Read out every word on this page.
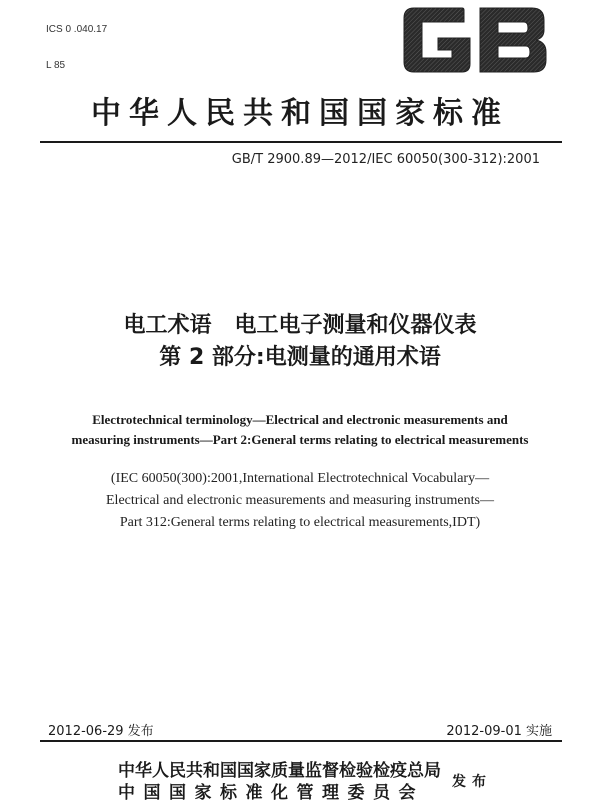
ICS 0 .040.17

L 85

中华人民共和国国家标准
GB/T 2900.89—2012/IEC 60050(300-312):2001
电工术语   电工电子测量和仪器仪表
第 2 部分:电测量的通用术语
Electrotechnical terminology—Electrical and electronic measurements and
measuring instruments—Part 2:General terms relating to electrical measurements
(IEC 60050(300):2001,International Electrotechnical Vocabulary—
Electrical and electronic measurements and measuring instruments—
Part 312:General terms relating to electrical measurements,IDT)
2012-06-29 发布	2012-09-01 实施
中华人民共和国国家质量监督检验检疫总局
中国国家标准化管理委员会
发布
